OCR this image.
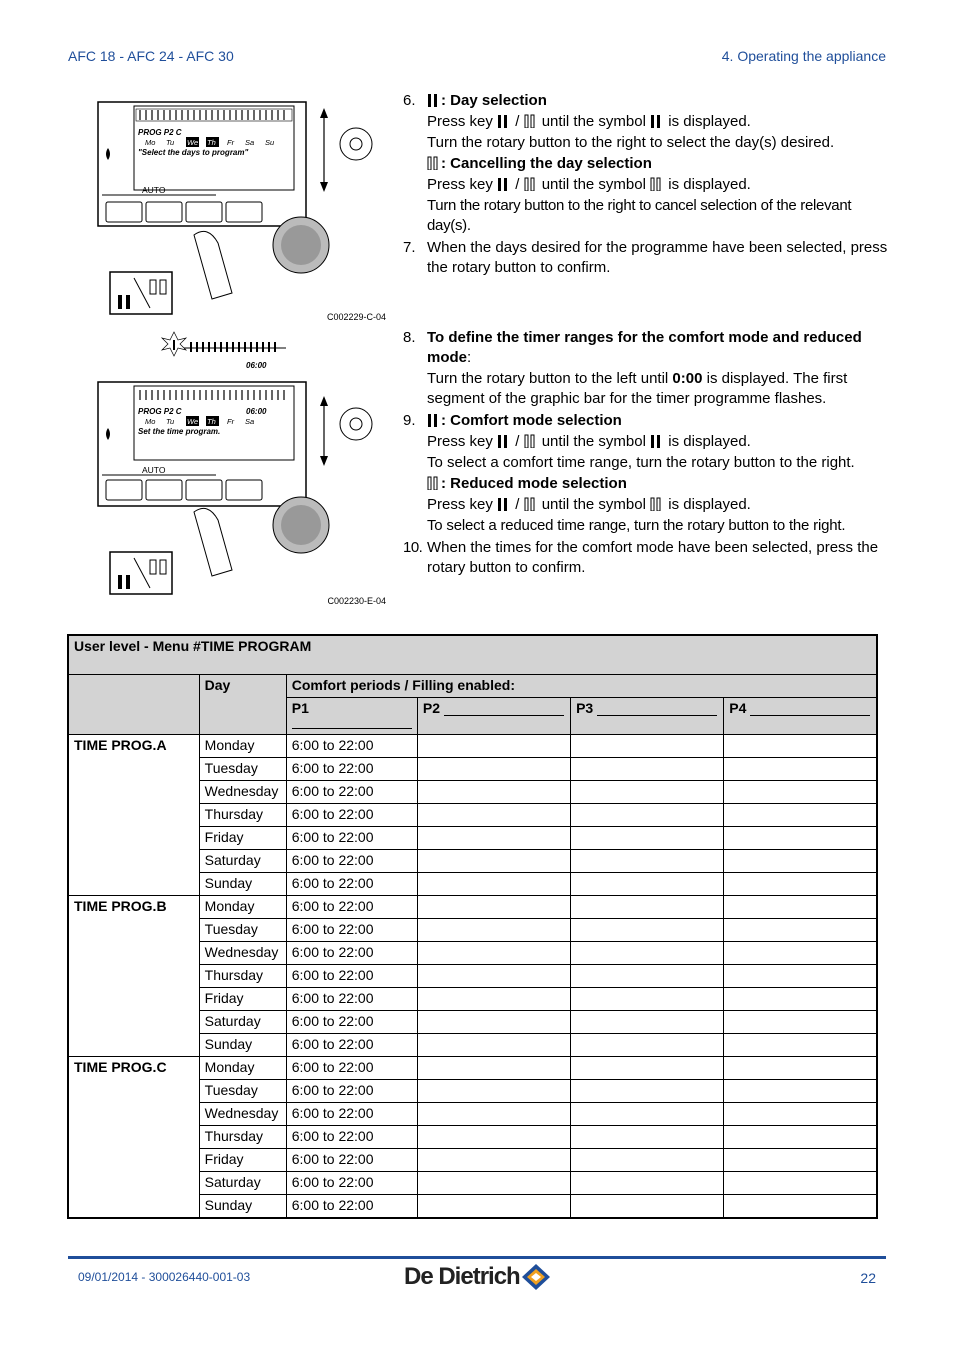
AFC 18 - AFC 24 - AFC 30	4. Operating the appliance
PROG P2 C
Mo Tu We Th Fr Sa Su
"Select the days to program"
AUTO
C002229-C-04
06:00
PROG P2 C	06:00
Mo Tu We Th Fr Sa
Set the time program.
AUTO
C002230-E-04
6.	: Day selection

Press key / until the symbol is displayed.

Turn the rotary button to the right to select the day(s) desired.

: Cancelling the day selection

Press key / until the symbol is displayed.

Turn the rotary button to the right to cancel selection of the relevant day(s).

7. When the days desired for the programme have been selected, press the rotary button to confirm.

8. To define the timer ranges for the comfort mode and reduced mode:

Turn the rotary button to the left until 0:00 is displayed. The first segment of the graphic bar for the timer programme flashes.

9.	: Comfort mode selection

Press key / until the symbol is displayed.

To select a comfort time range, turn the rotary button to the right.

: Reduced mode selection

Press key / until the symbol is displayed.

To select a reduced time range, turn the rotary button to the right.

10. When the times for the comfort mode have been selected, press the rotary button to confirm.

User level - Menu #TIME PROGRAM					
	Day	Comfort periods / Filling enabled:			
		P1	P2	P3	P4
TIME PROG.A	Monday	6:00 to 22:00			
	Tuesday	6:00 to 22:00			
	Wednesday	6:00 to 22:00			
	Thursday	6:00 to 22:00			
	Friday	6:00 to 22:00			
	Saturday	6:00 to 22:00			
	Sunday	6:00 to 22:00			
TIME PROG.B	Monday	6:00 to 22:00			
	Tuesday	6:00 to 22:00			
	Wednesday	6:00 to 22:00			
	Thursday	6:00 to 22:00			
	Friday	6:00 to 22:00			
	Saturday	6:00 to 22:00			
	Sunday	6:00 to 22:00			
TIME PROG.C	Monday	6:00 to 22:00			
	Tuesday	6:00 to 22:00			
	Wednesday	6:00 to 22:00			
	Thursday	6:00 to 22:00			
	Friday	6:00 to 22:00			
	Saturday	6:00 to 22:00			
	Sunday	6:00 to 22:00			
09/01/2014 - 300026440-001-03	De Dietrich	22
